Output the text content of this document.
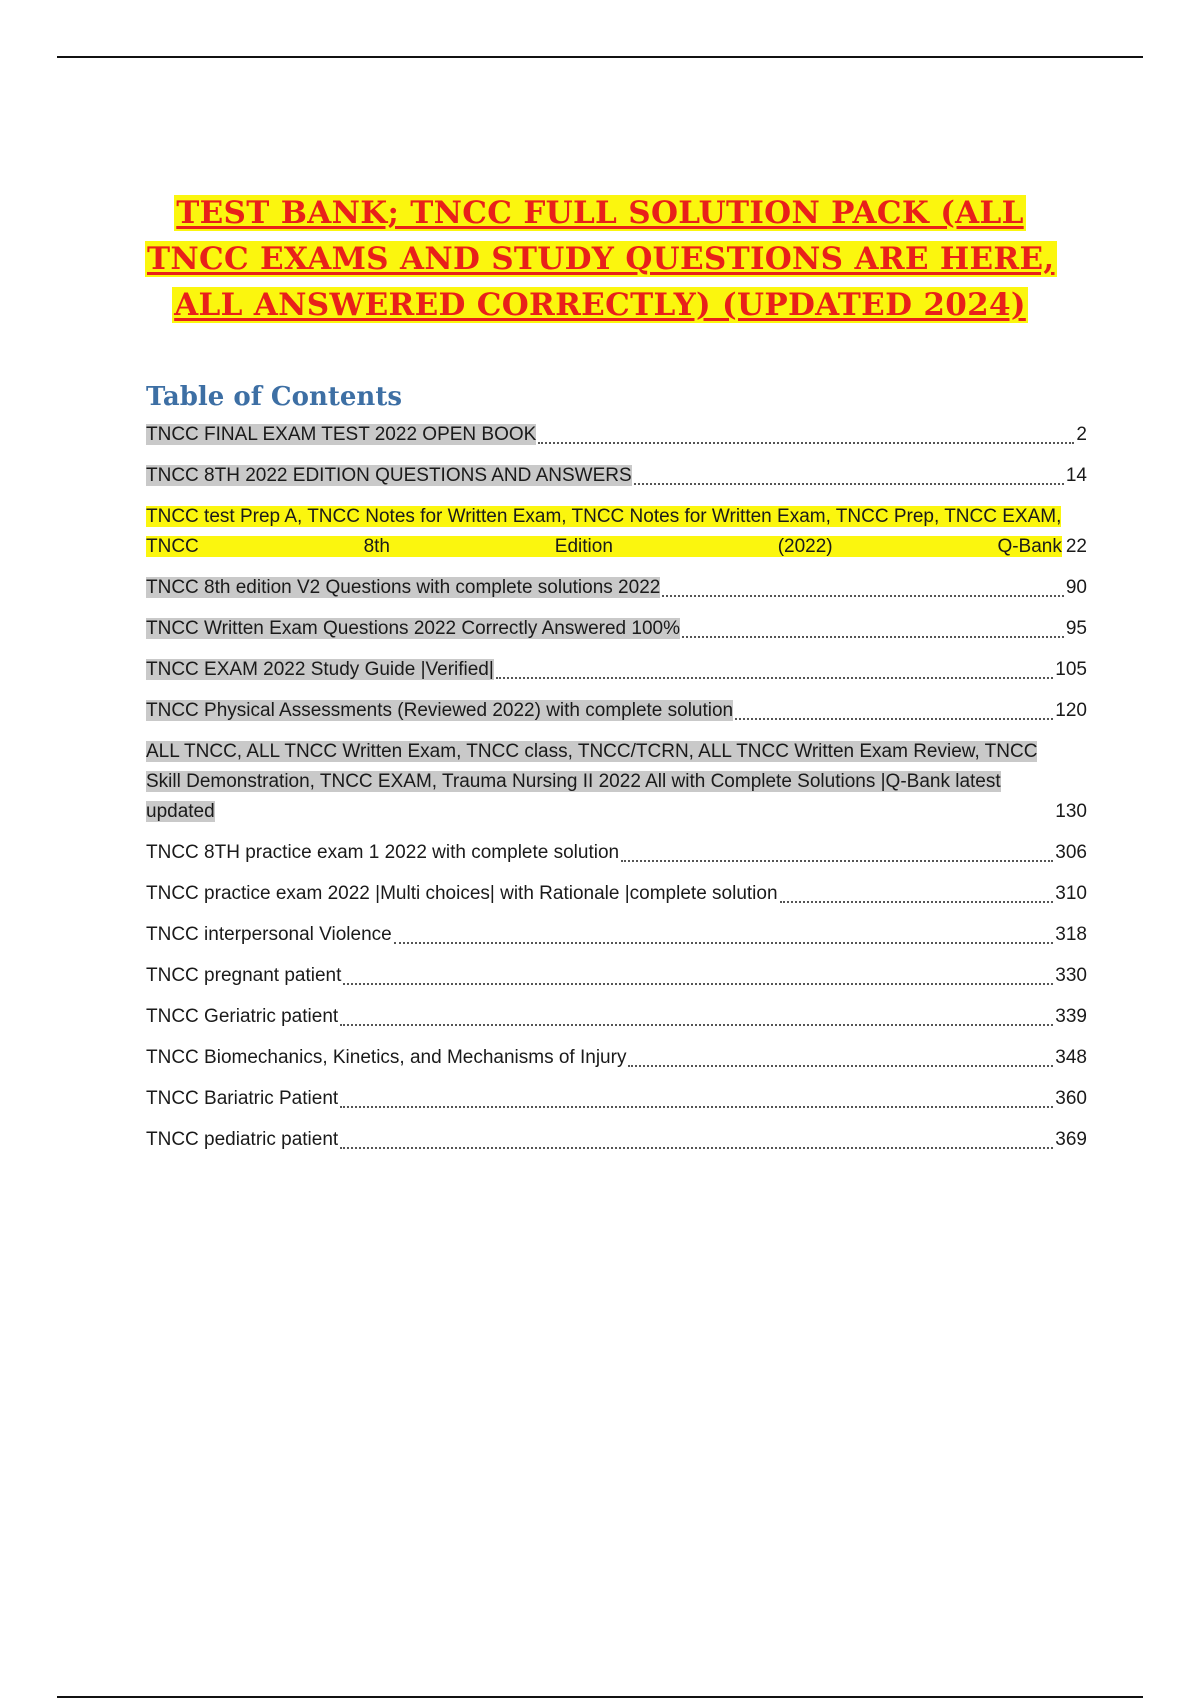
TEST BANK; TNCC FULL SOLUTION PACK (ALL TNCC EXAMS AND STUDY QUESTIONS ARE HERE, ALL ANSWERED CORRECTLY) (UPDATED 2024)
Table of Contents
TNCC FINAL EXAM TEST 2022 OPEN BOOK	2
TNCC 8TH 2022 EDITION QUESTIONS AND ANSWERS	14
TNCC test Prep A, TNCC Notes for Written Exam, TNCC Notes for Written Exam, TNCC Prep, TNCC EXAM, TNCC 8th Edition (2022) Q-Bank 22
TNCC 8th edition V2 Questions with complete solutions 2022	90
TNCC Written Exam Questions 2022 Correctly Answered 100%	95
TNCC EXAM 2022 Study Guide |Verified|	105
TNCC Physical Assessments (Reviewed 2022) with complete solution	120
ALL TNCC, ALL TNCC Written Exam, TNCC class, TNCC/TCRN, ALL TNCC Written Exam Review, TNCC Skill Demonstration, TNCC EXAM, Trauma Nursing II 2022 All with Complete Solutions |Q-Bank latest updated	130
TNCC 8TH practice exam 1 2022 with complete solution	306
TNCC practice exam 2022 |Multi choices| with Rationale |complete solution	310
TNCC interpersonal Violence	318
TNCC pregnant patient	330
TNCC Geriatric patient	339
TNCC Biomechanics, Kinetics, and Mechanisms of Injury	348
TNCC Bariatric Patient	360
TNCC pediatric patient	369
